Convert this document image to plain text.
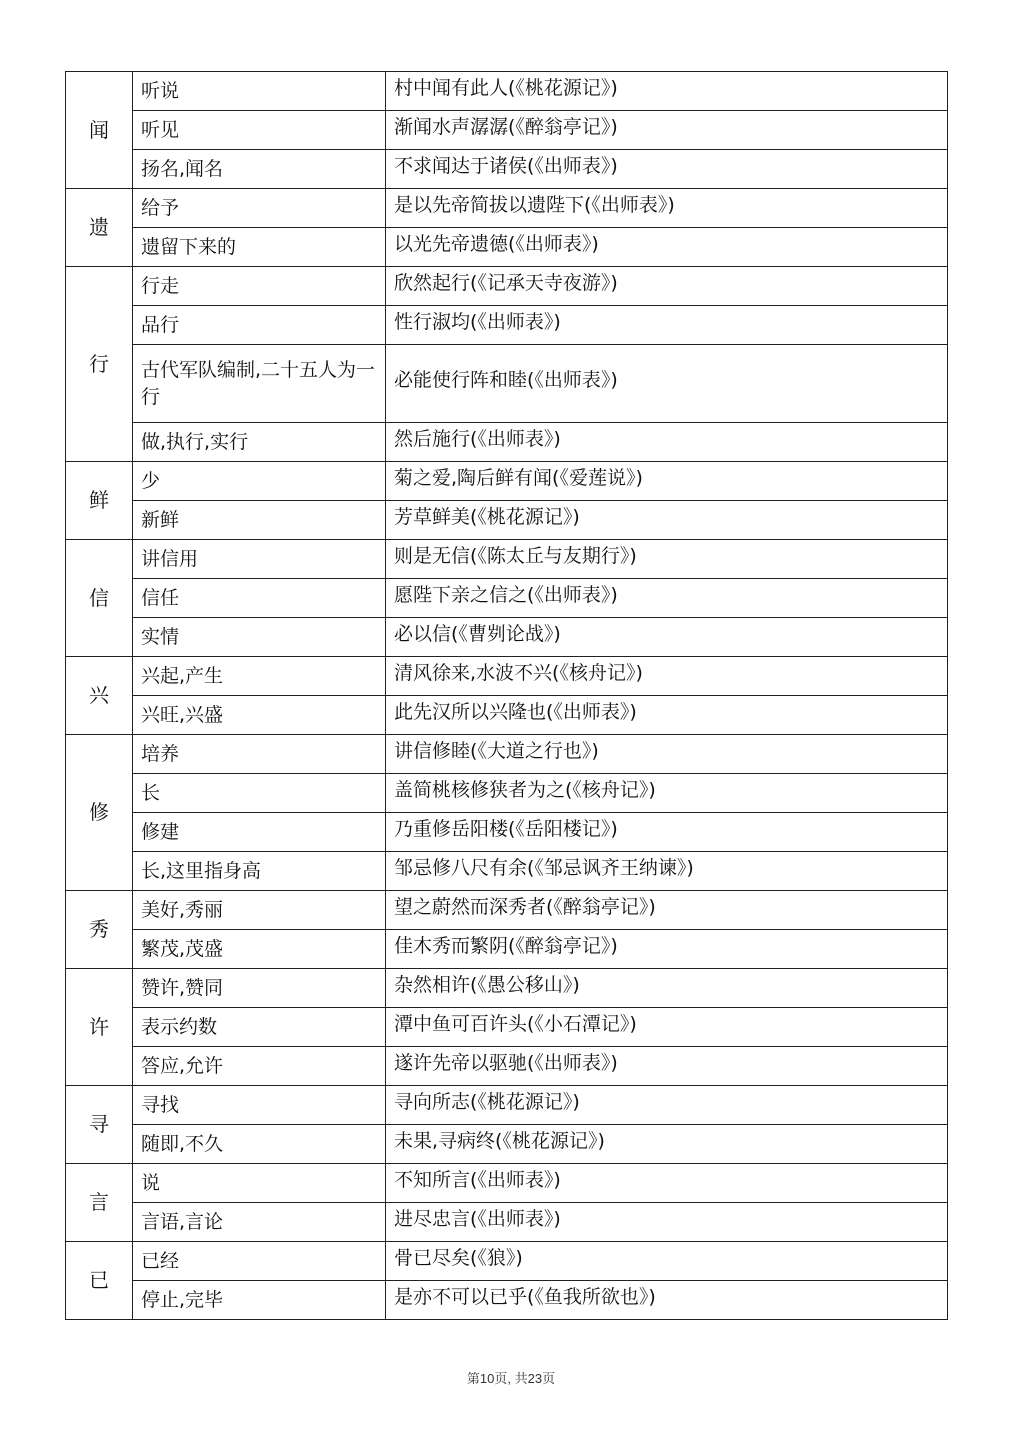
闻	听说	村中闻有此人(《桃花源记》)
	听见	渐闻水声潺潺(《醉翁亭记》)
	扬名,闻名	不求闻达于诸侯(《出师表》)
遗	给予	是以先帝简拔以遗陛下(《出师表》)
	遗留下来的	以光先帝遗德(《出师表》)
行	行走	欣然起行(《记承天寺夜游》)
	品行	性行淑均(《出师表》)
	古代军队编制,二十五人为一行	必能使行阵和睦(《出师表》)
	做,执行,实行	然后施行(《出师表》)
鲜	少	菊之爱,陶后鲜有闻(《爱莲说》)
	新鲜	芳草鲜美(《桃花源记》)
信	讲信用	则是无信(《陈太丘与友期行》)
	信任	愿陛下亲之信之(《出师表》)
	实情	必以信(《曹刿论战》)
兴	兴起,产生	清风徐来,水波不兴(《核舟记》)
	兴旺,兴盛	此先汉所以兴隆也(《出师表》)
修	培养	讲信修睦(《大道之行也》)
	长	盖简桃核修狭者为之(《核舟记》)
	修建	乃重修岳阳楼(《岳阳楼记》)
	长,这里指身高	邹忌修八尺有余(《邹忌讽齐王纳谏》)
秀	美好,秀丽	望之蔚然而深秀者(《醉翁亭记》)
	繁茂,茂盛	佳木秀而繁阴(《醉翁亭记》)
许	赞许,赞同	杂然相许(《愚公移山》)
	表示约数	潭中鱼可百许头(《小石潭记》)
	答应,允许	遂许先帝以驱驰(《出师表》)
寻	寻找	寻向所志(《桃花源记》)
	随即,不久	未果,寻病终(《桃花源记》)
言	说	不知所言(《出师表》)
	言语,言论	进尽忠言(《出师表》)
已	已经	骨已尽矣(《狼》)
	停止,完毕	是亦不可以已乎(《鱼我所欲也》)
第10页, 共23页
